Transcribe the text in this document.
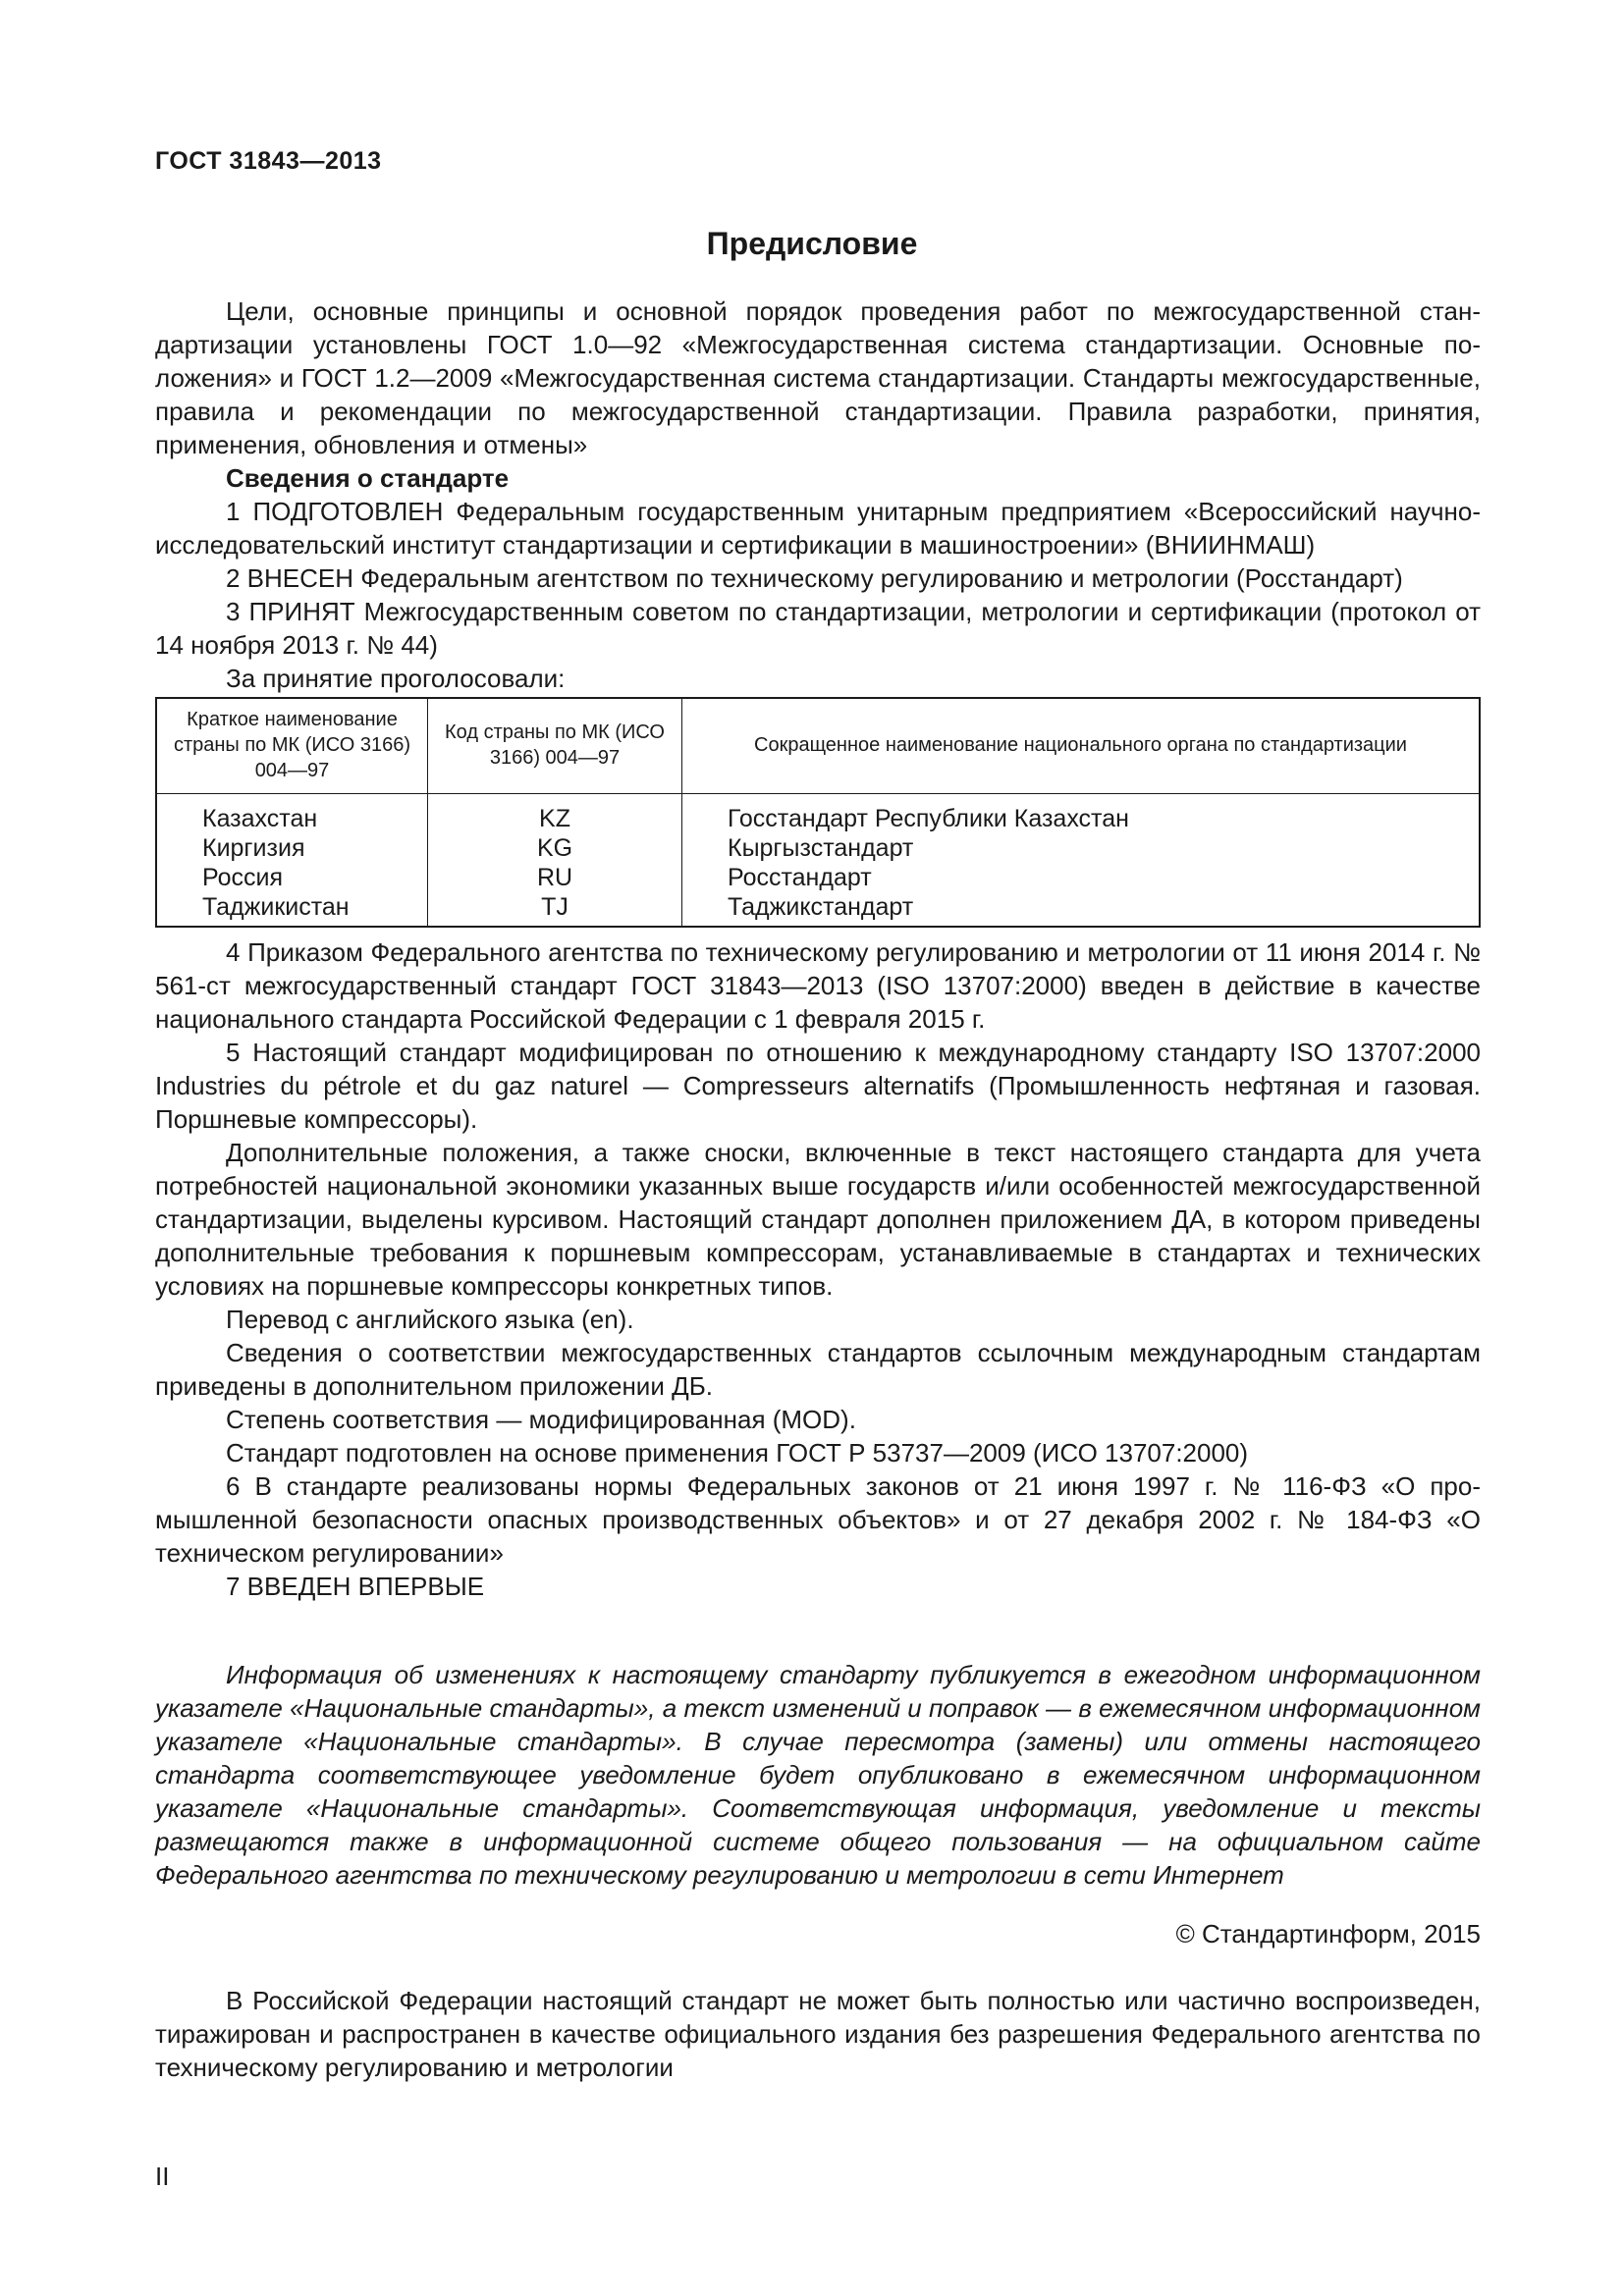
ГОСТ 31843—2013
Предисловие

Цели, основные принципы и основной порядок проведения работ по межгосударственной стандартизации установлены ГОСТ 1.0—92 «Межгосударственная система стандартизации. Основные положения» и ГОСТ 1.2—2009 «Межгосударственная система стандартизации. Стандарты межгосударственные, правила и рекомендации по межгосударственной стандартизации. Правила разработки, принятия, применения, обновления и отмены»

Сведения о стандарте

1 ПОДГОТОВЛЕН Федеральным государственным унитарным предприятием «Всероссийский научно-исследовательский институт стандартизации и сертификации в машиностроении» (ВНИИНМАШ)

2 ВНЕСЕН Федеральным агентством по техническому регулированию и метрологии (Росстандарт)

3 ПРИНЯТ Межгосударственным советом по стандартизации, метрологии и сертификации (протокол от 14 ноября 2013 г. № 44)

За принятие проголосовали:

Краткое наименование страны по МК (ИСО 3166) 004—97	Код страны по МК (ИСО 3166) 004—97	Сокращенное наименование национального органа по стандартизации
Казахстан	KZ	Госстандарт Республики Казахстан
Киргизия	KG	Кыргызстандарт
Россия	RU	Росстандарт
Таджикистан	TJ	Таджикстандарт

4 Приказом Федерального агентства по техническому регулированию и метрологии от 11 июня 2014 г. № 561-ст межгосударственный стандарт ГОСТ 31843—2013 (ISO 13707:2000) введен в действие в качестве национального стандарта Российской Федерации с 1 февраля 2015 г.

5 Настоящий стандарт модифицирован по отношению к международному стандарту ISO 13707:2000 Industries du pétrole et du gaz naturel — Compresseurs alternatifs (Промышленность нефтяная и газовая. Поршневые компрессоры).

Дополнительные положения, а также сноски, включенные в текст настоящего стандарта для учета потребностей национальной экономики указанных выше государств и/или особенностей межгосударственной стандартизации, выделены курсивом. Настоящий стандарт дополнен приложением ДА, в котором приведены дополнительные требования к поршневым компрессорам, устанавливаемые в стандартах и технических условиях на поршневые компрессоры конкретных типов.

Перевод с английского языка (en).

Сведения о соответствии межгосударственных стандартов ссылочным международным стандартам приведены в дополнительном приложении ДБ.

Степень соответствия — модифицированная (MOD).

Стандарт подготовлен на основе применения ГОСТ Р 53737—2009 (ИСО 13707:2000)

6 В стандарте реализованы нормы Федеральных законов от 21 июня 1997 г. № 116-ФЗ «О промышленной безопасности опасных производственных объектов» и от 27 декабря 2002 г. № 184-ФЗ «О техническом регулировании»

7 ВВЕДЕН ВПЕРВЫЕ

Информация об изменениях к настоящему стандарту публикуется в ежегодном информационном указателе «Национальные стандарты», а текст изменений и поправок — в ежемесячном информационном указателе «Национальные стандарты». В случае пересмотра (замены) или отмены настоящего стандарта соответствующее уведомление будет опубликовано в ежемесячном информационном указателе «Национальные стандарты». Соответствующая информация, уведомление и тексты размещаются также в информационной системе общего пользования — на официальном сайте Федерального агентства по техническому регулированию и метрологии в сети Интернет

© Стандартинформ, 2015

В Российской Федерации настоящий стандарт не может быть полностью или частично воспроизведен, тиражирован и распространен в качестве официального издания без разрешения Федерального агентства по техническому регулированию и метрологии

II
